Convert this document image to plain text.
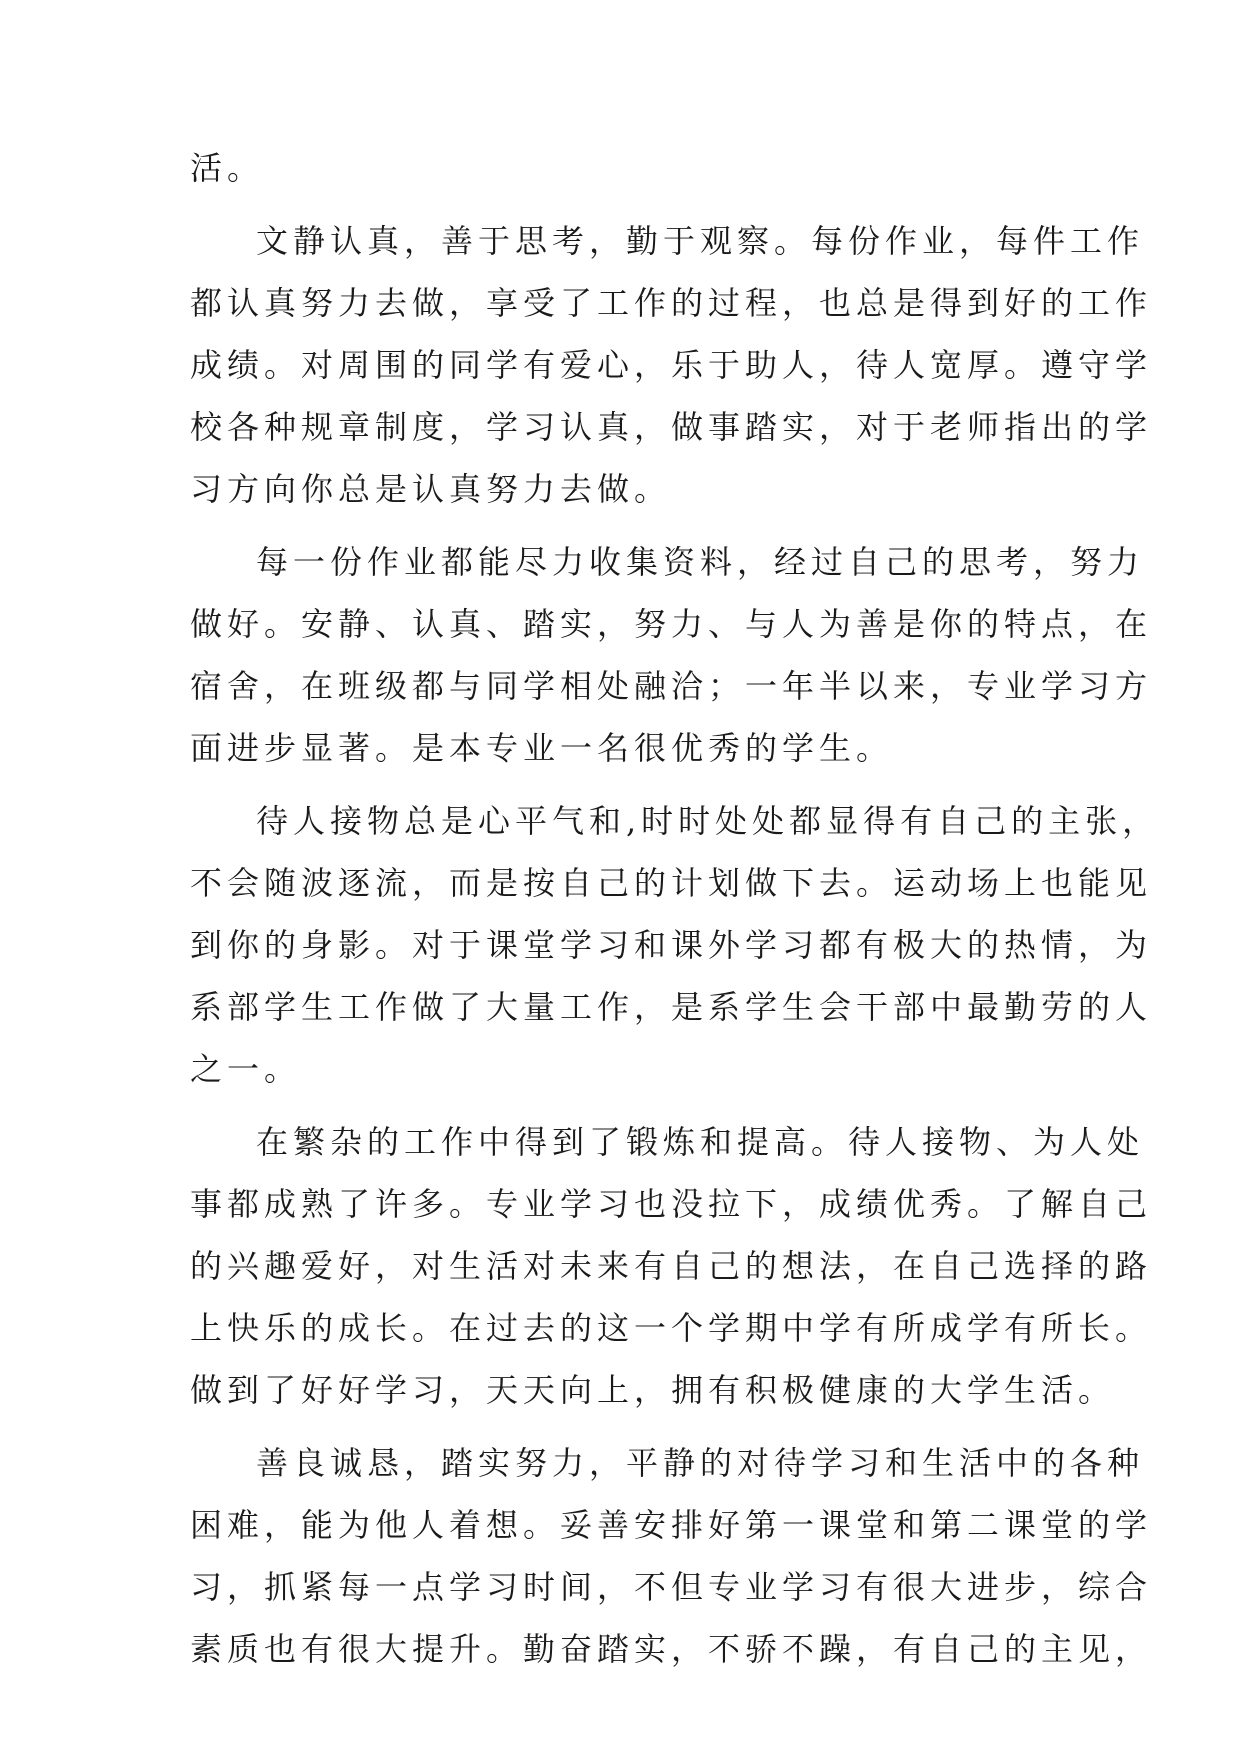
活。
文静认真，善于思考，勤于观察。每份作业，每件工作
都认真努力去做，享受了工作的过程，也总是得到好的工作
成绩。对周围的同学有爱心，乐于助人，待人宽厚。遵守学
校各种规章制度，学习认真，做事踏实，对于老师指出的学
习方向你总是认真努力去做。
每一份作业都能尽力收集资料，经过自己的思考，努力
做好。安静、认真、踏实，努力、与人为善是你的特点，在
宿舍，在班级都与同学相处融洽；一年半以来，专业学习方
面进步显著。是本专业一名很优秀的学生。
待人接物总是心平气和,时时处处都显得有自己的主张，
不会随波逐流，而是按自己的计划做下去。运动场上也能见
到你的身影。对于课堂学习和课外学习都有极大的热情，为
系部学生工作做了大量工作，是系学生会干部中最勤劳的人
之一。
在繁杂的工作中得到了锻炼和提高。待人接物、为人处
事都成熟了许多。专业学习也没拉下，成绩优秀。了解自己
的兴趣爱好，对生活对未来有自己的想法，在自己选择的路
上快乐的成长。在过去的这一个学期中学有所成学有所长。
做到了好好学习，天天向上，拥有积极健康的大学生活。
善良诚恳，踏实努力，平静的对待学习和生活中的各种
困难，能为他人着想。妥善安排好第一课堂和第二课堂的学
习，抓紧每一点学习时间，不但专业学习有很大进步，综合
素质也有很大提升。勤奋踏实，不骄不躁，有自己的主见，
